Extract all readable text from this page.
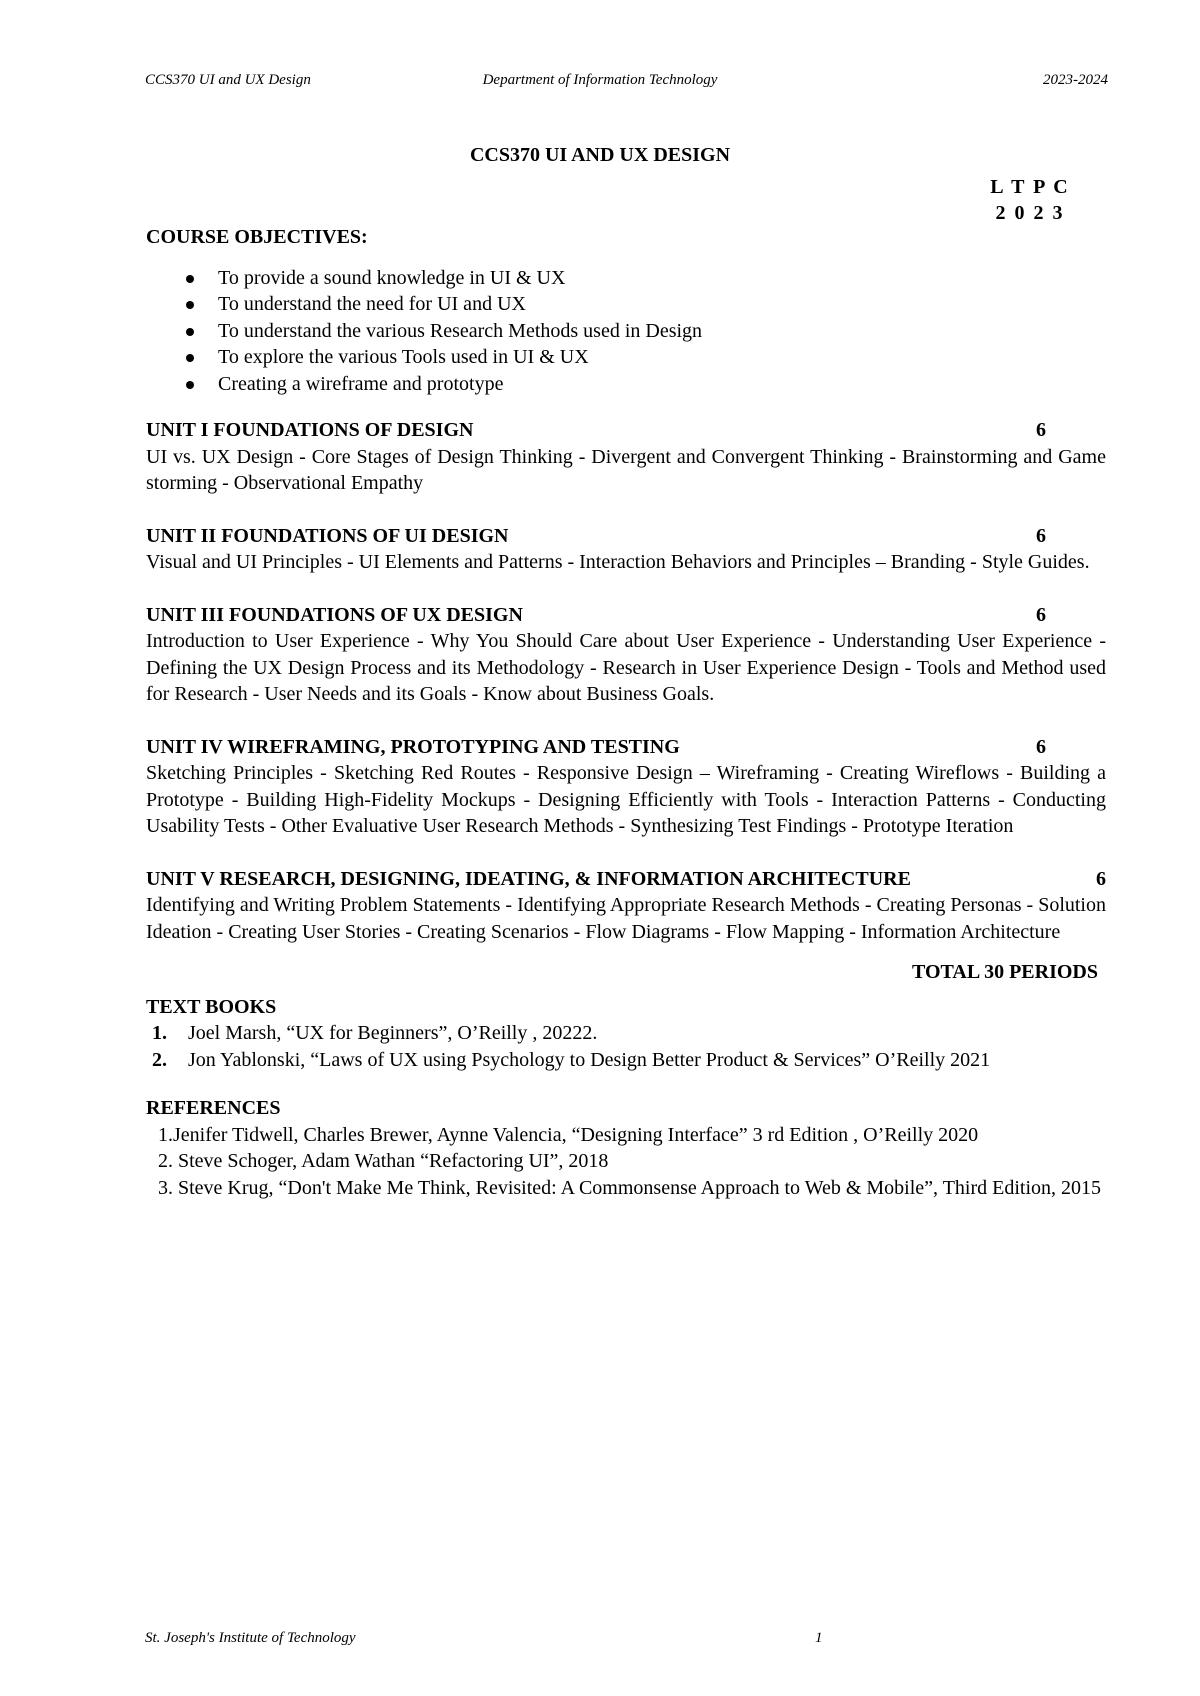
CCS370 UI and UX Design	Department of Information Technology	2023-2024
CCS370 UI AND UX DESIGN
L T P C
2 0 2 3
COURSE OBJECTIVES:
To provide a sound knowledge in UI & UX
To understand the need for UI and UX
To understand the various Research Methods used in Design
To explore the various Tools used in UI & UX
Creating a wireframe and prototype
UNIT I FOUNDATIONS OF DESIGN	6
UI vs. UX Design - Core Stages of Design Thinking - Divergent and Convergent Thinking - Brainstorming and Game storming - Observational Empathy
UNIT II FOUNDATIONS OF UI DESIGN	6
Visual and UI Principles - UI Elements and Patterns - Interaction Behaviors and Principles – Branding - Style Guides.
UNIT III FOUNDATIONS OF UX DESIGN	6
Introduction to User Experience - Why You Should Care about User Experience - Understanding User Experience - Defining the UX Design Process and its Methodology - Research in User Experience Design - Tools and Method used for Research - User Needs and its Goals - Know about Business Goals.
UNIT IV WIREFRAMING, PROTOTYPING AND TESTING	6
Sketching Principles - Sketching Red Routes - Responsive Design – Wireframing - Creating Wireflows - Building a Prototype - Building High-Fidelity Mockups - Designing Efficiently with Tools - Interaction Patterns - Conducting Usability Tests - Other Evaluative User Research Methods - Synthesizing Test Findings - Prototype Iteration
UNIT V RESEARCH, DESIGNING, IDEATING, & INFORMATION ARCHITECTURE	6
Identifying and Writing Problem Statements - Identifying Appropriate Research Methods - Creating Personas - Solution Ideation - Creating User Stories - Creating Scenarios - Flow Diagrams - Flow Mapping - Information Architecture
TOTAL 30 PERIODS
TEXT BOOKS
1. Joel Marsh, “UX for Beginners”, O’Reilly , 20222.
2. Jon Yablonski, “Laws of UX using Psychology to Design Better Product & Services” O’Reilly 2021
REFERENCES
1.Jenifer Tidwell, Charles Brewer, Aynne Valencia, “Designing Interface” 3 rd Edition , O’Reilly 2020
2. Steve Schoger, Adam Wathan “Refactoring UI”, 2018
3. Steve Krug, “Don't Make Me Think, Revisited: A Commonsense Approach to Web & Mobile”, Third Edition, 2015
St. Joseph's Institute of Technology	1
